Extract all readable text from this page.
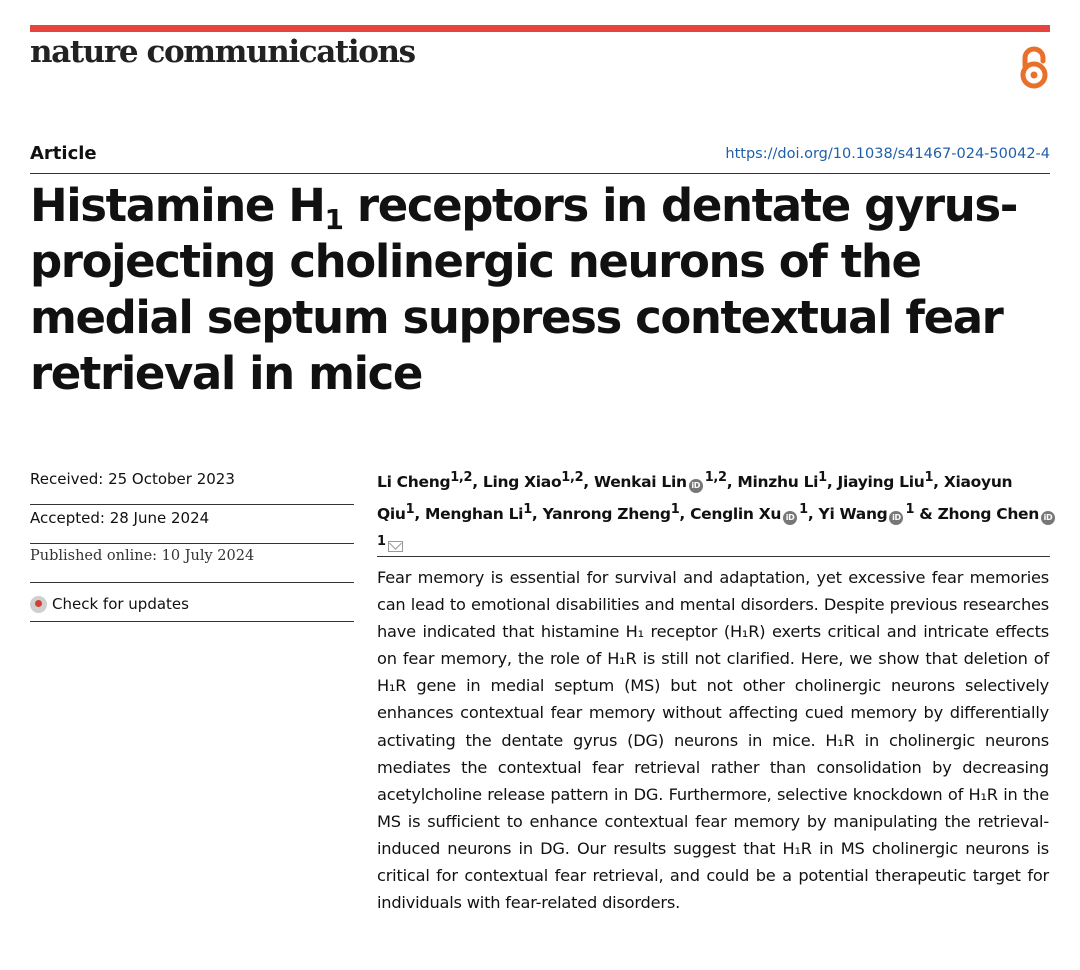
nature communications
Article	https://doi.org/10.1038/s41467-024-50042-4
Histamine $H_1$ receptors in dentate gyrus-projecting cholinergic neurons of the medial septum suppress contextual fear retrieval in mice
Received: 25 October 2023
Accepted: 28 June 2024
Published online: 10 July 2024
Check for updates
Li Cheng$^{1,2}$, Ling Xiao$^{1,2}$, Wenkai Lin iD$^{1,2}$, Minzhu Li$^1$, Jiaying Liu$^1$, Xiaoyun Qiu$^1$, Menghan Li$^1$, Yanrong Zheng$^1$, Cenglin Xu $iD^1$, Yi Wang $iD^1$ & Zhong Chen $iD^1$

Fear memory is essential for survival and adaptation, yet excessive fear memories can lead to emotional disabilities and mental disorders. Despite previous researches have indicated that histamine H₁ receptor (H₁R) exerts critical and intricate effects on fear memory, the role of H₁R is still not clarified. Here, we show that deletion of H₁R gene in medial septum (MS) but not other cholinergic neurons selectively enhances contextual fear memory without affecting cued memory by differentially activating the dentate gyrus (DG) neurons in mice. H₁R in cholinergic neurons mediates the contextual fear retrieval rather than consolidation by decreasing acetylcholine release pattern in DG. Furthermore, selective knockdown of H₁R in the MS is sufficient to enhance contextual fear memory by manipulating the retrieval-induced neurons in DG. Our results suggest that H₁R in MS cholinergic neurons is critical for contextual fear retrieval, and could be a potential therapeutic target for individuals with fear-related disorders.
